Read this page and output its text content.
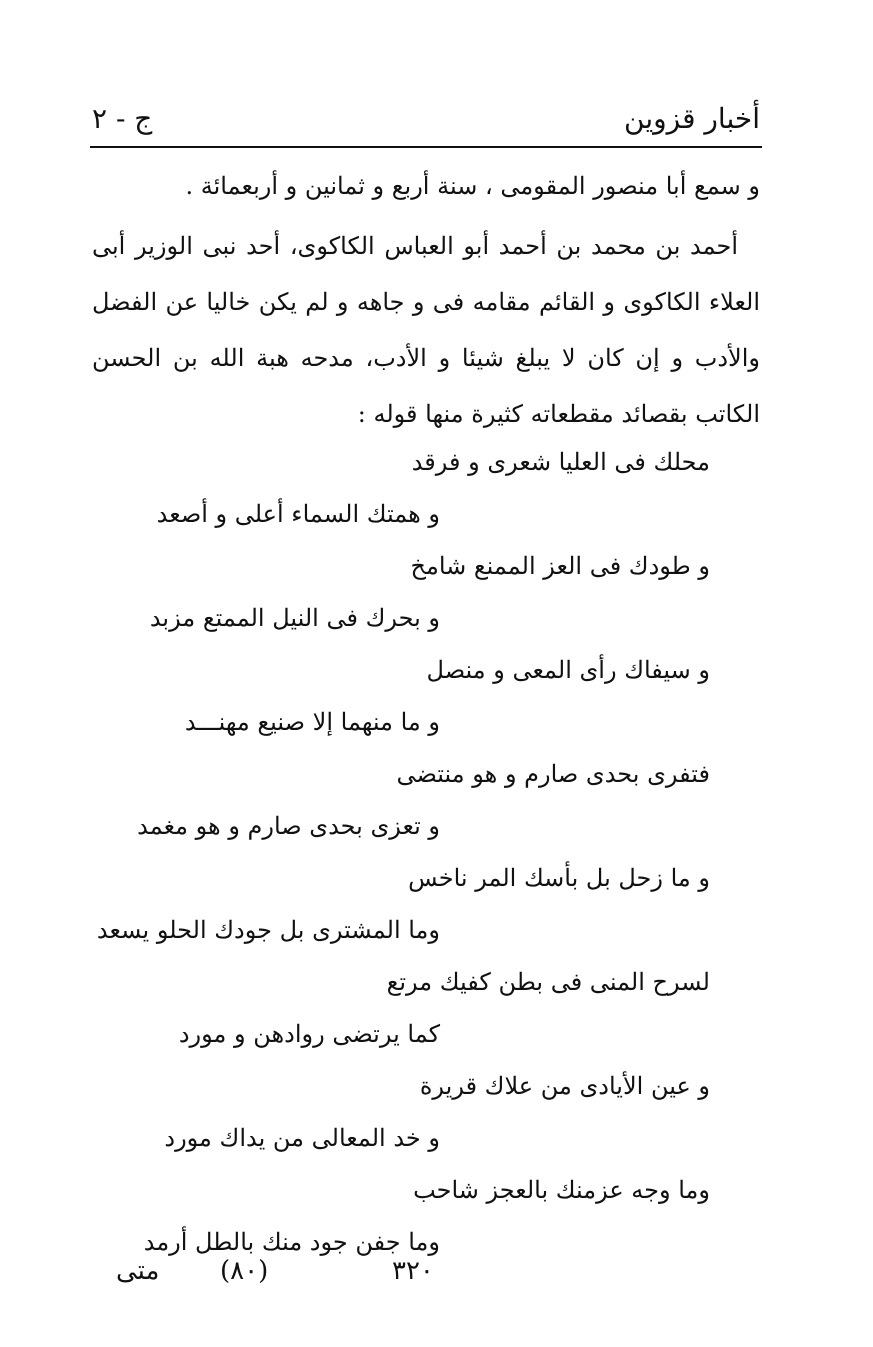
أخبار قزوين
ج - ٢

و سمع أبا منصور المقومى ، سنة أربع و ثمانين و أربعمائة .

أحمد بن محمد بن أحمد أبو العباس الكاكوى، أحد نبى الوزير أبى العلاء الكاكوى و القائم مقامه فى و جاهه و لم يكن خاليا عن الفضل والأدب و إن كان لا يبلغ شيئا و الأدب، مدحه هبة الله بن الحسن الكاتب بقصائد مقطعاته كثيرة منها قوله :

محلك فى العليا شعرى و فرقد
و همتك السماء أعلى و أصعد
و طودك فى العز الممنع شامخ
و بحرك فى النيل الممتع مزبد
و سيفاك رأى المعى و منصل
و ما منهما إلا صنيع مهنـــد
فتفرى بحدى صارم و هو منتضى
و تعزى بحدى صارم و هو مغمد
و ما زحل بل بأسك المر ناخس
وما المشترى بل جودك الحلو يسعد
لسرح المنى فى بطن كفيك مرتع
كما يرتضى روادهن و مورد
و عين الأيادى من علاك قريرة
و خد المعالى من يداك مورد
وما وجه عزمنك بالعجز شاحب
وما جفن جود منك بالطل أرمد
متى (٨٠)	٣٢٠
